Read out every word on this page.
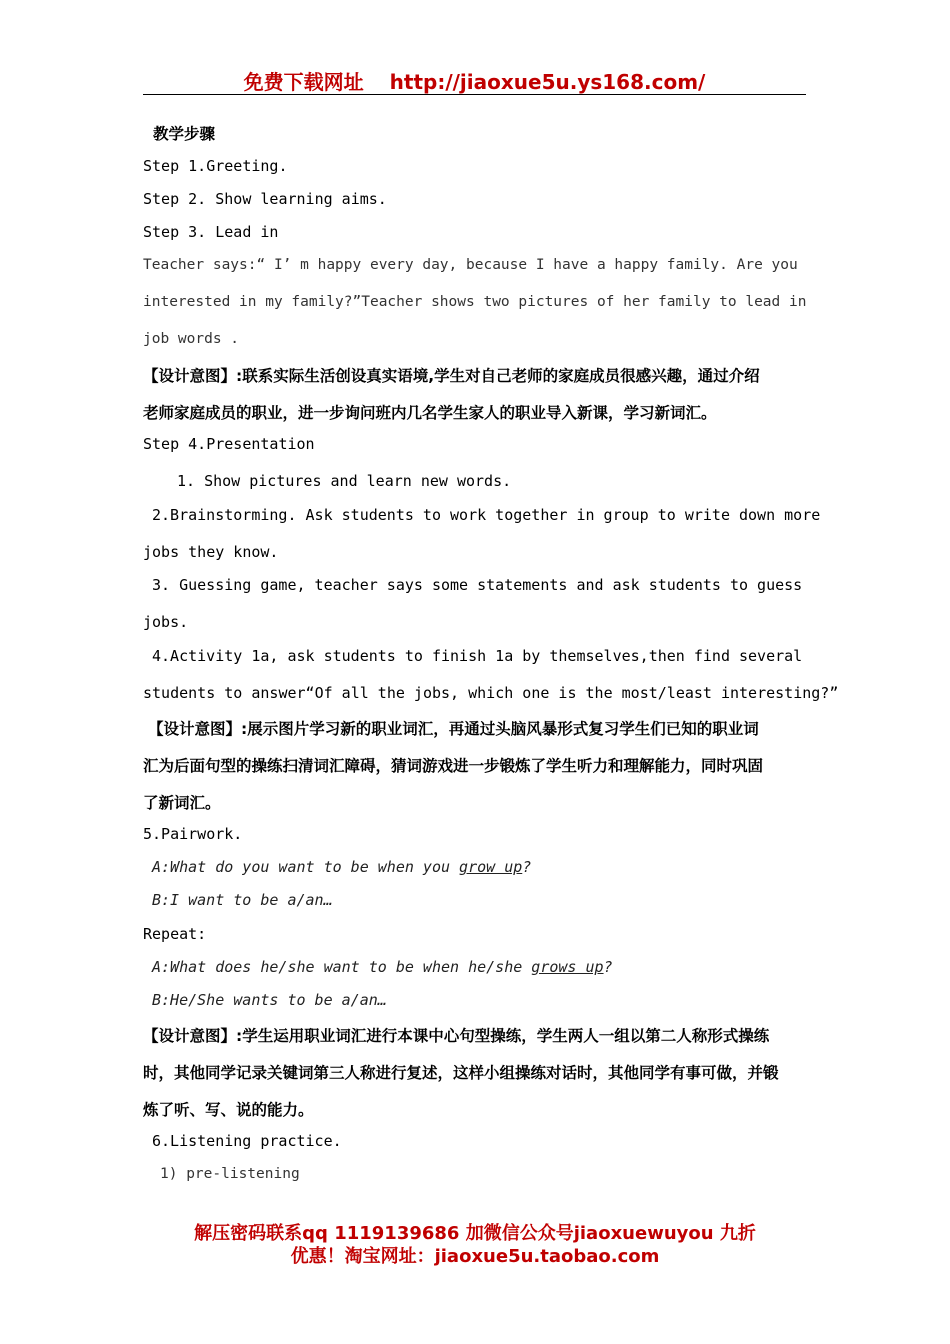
免费下载网址 http://jiaoxue5u.ys168.com/
教学步骤
Step 1.Greeting.
Step 2. Show learning aims.
Step 3. Lead in
Teacher says:“ I’ m happy every day, because I have a happy family. Are you
interested in my family?”Teacher shows two pictures of her family to lead in
job words .
【设计意图】:联系实际生活创设真实语境,学生对自己老师的家庭成员很感兴趣，通过介绍
老师家庭成员的职业，进一步询问班内几名学生家人的职业导入新课，学习新词汇。
Step 4.Presentation
1. Show pictures and learn new words.
2.Brainstorming. Ask students to work together in group to write down more
jobs they know.
3. Guessing game, teacher says some statements and ask students to guess
jobs.
4.Activity 1a, ask students to finish 1a by themselves,then find several
students to answer“Of all the jobs, which one is the most/least interesting?”
【设计意图】:展示图片学习新的职业词汇，再通过头脑风暴形式复习学生们已知的职业词
汇为后面句型的操练扫清词汇障碍，猜词游戏进一步锻炼了学生听力和理解能力，同时巩固
了新词汇。
5.Pairwork.
A:What do you want to be when you grow up?
B:I want to be a/an…
Repeat:
A:What does he/she want to be when he/she grows up?
B:He/She wants to be a/an…
【设计意图】:学生运用职业词汇进行本课中心句型操练，学生两人一组以第二人称形式操练
时，其他同学记录关键词第三人称进行复述，这样小组操练对话时，其他同学有事可做，并锻
炼了听、写、说的能力。
6.Listening practice.
1) pre-listening
解压密码联系qq 1119139686 加微信公众号jiaoxuewuyou 九折
优惠！淘宝网址：jiaoxue5u.taobao.com
